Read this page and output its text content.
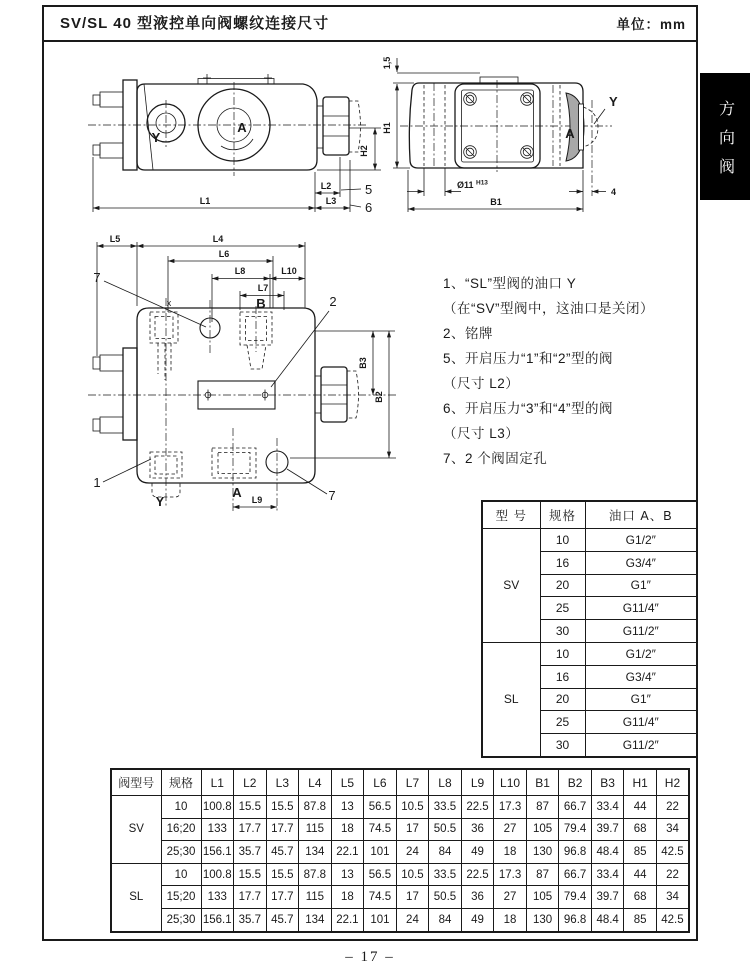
SV/SL 40 型液控单向阀螺纹连接尺寸	单位：mm
方向阀
Y
A
H2
L2	5
L1	L3 6
1,5
H1	A
Y
Ø11 H13
4
B1
L5	L4
L6
L8	L10
L7
B
x
7
2
Y
A
1
7
L9
B3
B2
1、“SL”型阀的油口 Y
（在“SV”型阀中，这油口是关闭）
2、铭牌
5、开启压力“1”和“2”型的阀
（尺寸 L2）
6、开启压力“3”和“4”型的阀
（尺寸 L3）
7、2 个阀固定孔
型 号	规格	油口 A、B
SV	10	G1/2″
	16	G3/4″
	20	G1″
	25	G11/4″
	30	G11/2″
SL	10	G1/2″
	16	G3/4″
	20	G1″
	25	G11/4″
	30	G11/2″
阀型号	规格	L1	L2	L3	L4	L5	L6	L7	L8	L9	L10	B1	B2	B3	H1	H2
SV	10	100.8	15.5	15.5	87.8	13	56.5	10.5	33.5	22.5	17.3	87	66.7	33.4	44	22
	16;20	133	17.7	17.7	115	18	74.5	17	50.5	36	27	105	79.4	39.7	68	34
	25;30	156.1	35.7	45.7	134	22.1	101	24	84	49	18	130	96.8	48.4	85	42.5
SL	10	100.8	15.5	15.5	87.8	13	56.5	10.5	33.5	22.5	17.3	87	66.7	33.4	44	22
	15;20	133	17.7	17.7	115	18	74.5	17	50.5	36	27	105	79.4	39.7	68	34
	25;30	156.1	35.7	45.7	134	22.1	101	24	84	49	18	130	96.8	48.4	85	42.5
– 17 –
